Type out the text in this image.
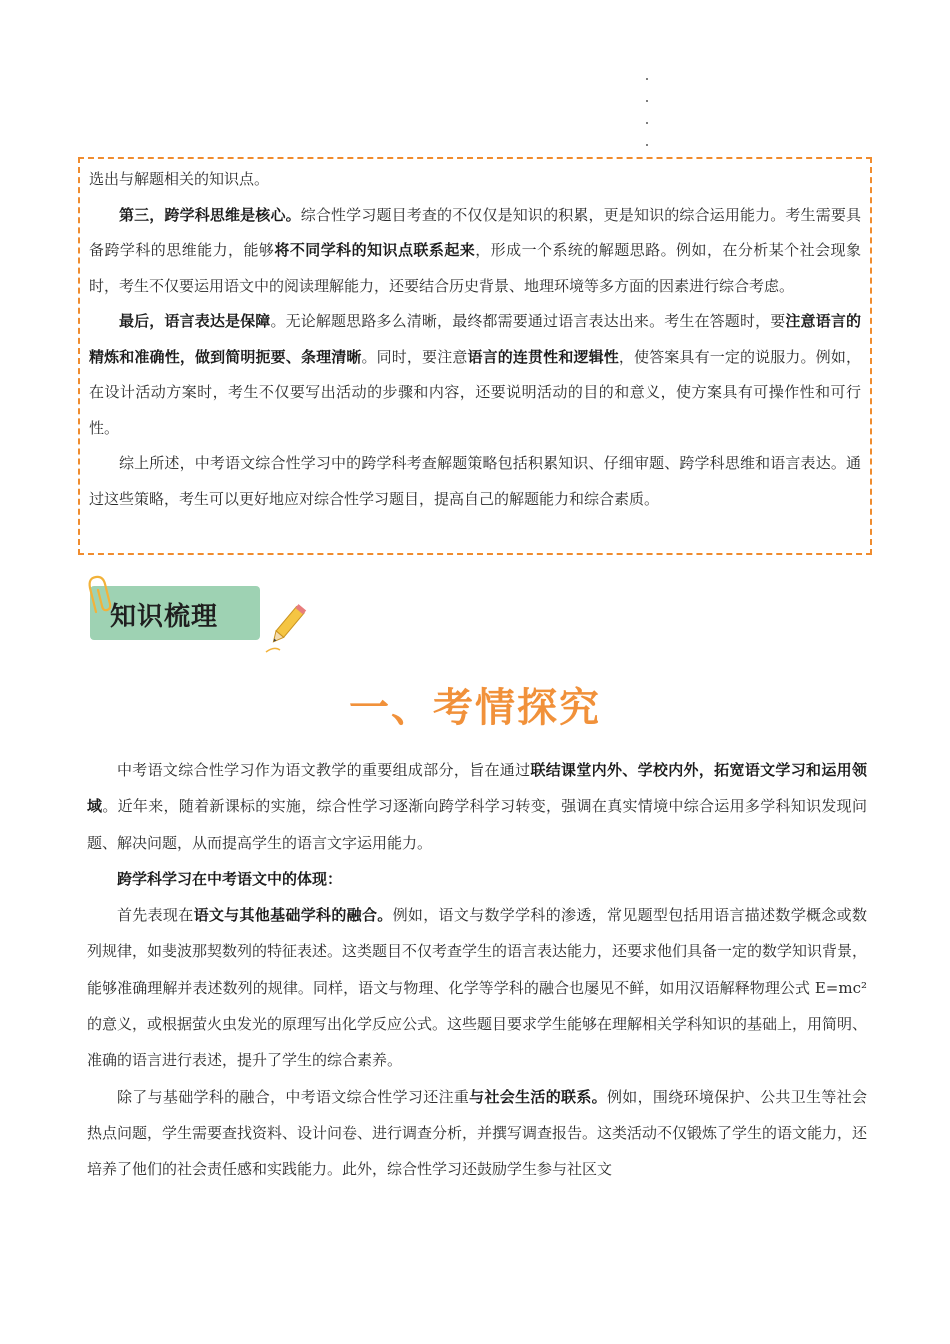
选出与解题相关的知识点。

第三，跨学科思维是核心。综合性学习题目考查的不仅仅是知识的积累，更是知识的综合运用能力。考生需要具备跨学科的思维能力，能够将不同学科的知识点联系起来，形成一个系统的解题思路。例如，在分析某个社会现象时，考生不仅要运用语文中的阅读理解能力，还要结合历史背景、地理环境等多方面的因素进行综合考虑。

最后，语言表达是保障。无论解题思路多么清晰，最终都需要通过语言表达出来。考生在答题时，要注意语言的精炼和准确性，做到简明扼要、条理清晰。同时，要注意语言的连贯性和逻辑性，使答案具有一定的说服力。例如，在设计活动方案时，考生不仅要写出活动的步骤和内容，还要说明活动的目的和意义，使方案具有可操作性和可行性。

综上所述，中考语文综合性学习中的跨学科考查解题策略包括积累知识、仔细审题、跨学科思维和语言表达。通过这些策略，考生可以更好地应对综合性学习题目，提高自己的解题能力和综合素质。

知识梳理
一、考情探究

中考语文综合性学习作为语文教学的重要组成部分，旨在通过联结课堂内外、学校内外，拓宽语文学习和运用领域。近年来，随着新课标的实施，综合性学习逐渐向跨学科学习转变，强调在真实情境中综合运用多学科知识发现问题、解决问题，从而提高学生的语言文字运用能力。

跨学科学习在中考语文中的体现：

首先表现在语文与其他基础学科的融合。例如，语文与数学学科的渗透，常见题型包括用语言描述数学概念或数列规律，如斐波那契数列的特征表述。这类题目不仅考查学生的语言表达能力，还要求他们具备一定的数学知识背景，能够准确理解并表述数列的规律。同样，语文与物理、化学等学科的融合也屡见不鲜，如用汉语解释物理公式 E=mc² 的意义，或根据萤火虫发光的原理写出化学反应公式。这些题目要求学生能够在理解相关学科知识的基础上，用简明、准确的语言进行表述，提升了学生的综合素养。

除了与基础学科的融合，中考语文综合性学习还注重与社会生活的联系。例如，围绕环境保护、公共卫生等社会热点问题，学生需要查找资料、设计问卷、进行调查分析，并撰写调查报告。这类活动不仅锻炼了学生的语文能力，还培养了他们的社会责任感和实践能力。此外，综合性学习还鼓励学生参与社区文
